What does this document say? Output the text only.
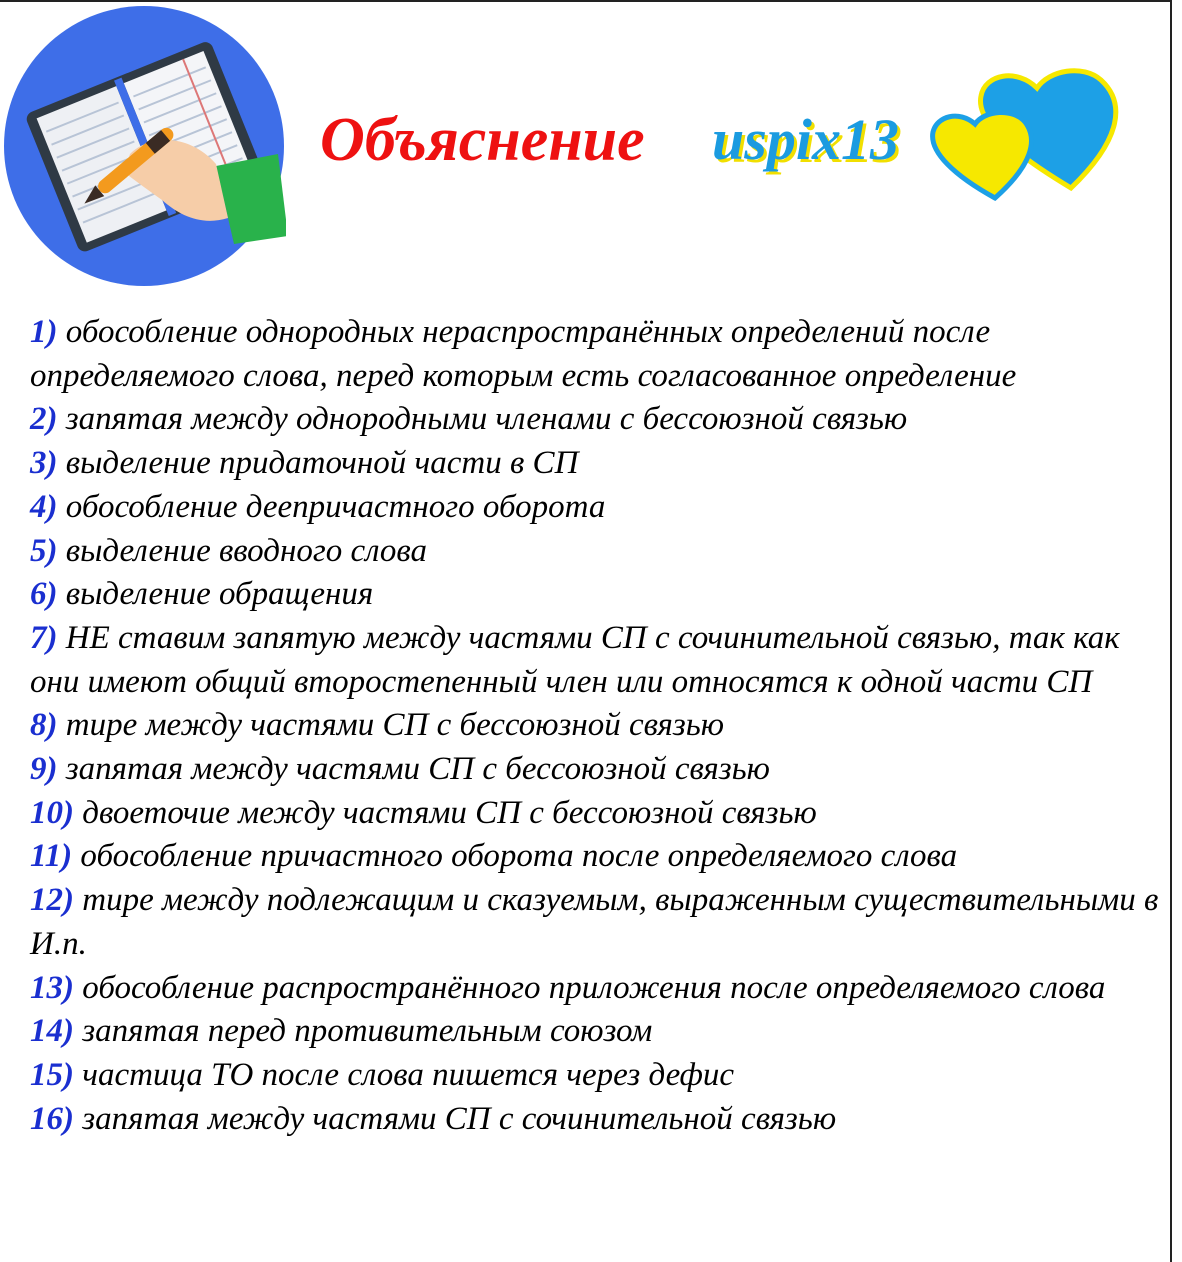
Объяснение uspix13
1) обособление однородных нераспространённых определений после определяемого слова, перед которым есть согласованное определение
2) запятая между однородными членами с бессоюзной связью
3) выделение придаточной части в СП
4) обособление деепричастного оборота
5) выделение вводного слова
6) выделение обращения
7) НЕ ставим запятую между частями СП с сочинительной связью, так как они имеют общий второстепенный член или относятся к одной части СП
8) тире между частями СП с бессоюзной связью
9) запятая между частями СП с бессоюзной связью
10) двоеточие между частями СП с бессоюзной связью
11) обособление причастного оборота после определяемого слова
12) тире между подлежащим и сказуемым, выраженным существительными в И.п.
13) обособление распространённого приложения после определяемого слова
14) запятая перед противительным союзом
15) частица ТО после слова пишется через дефис
16) запятая между частями СП с сочинительной связью
